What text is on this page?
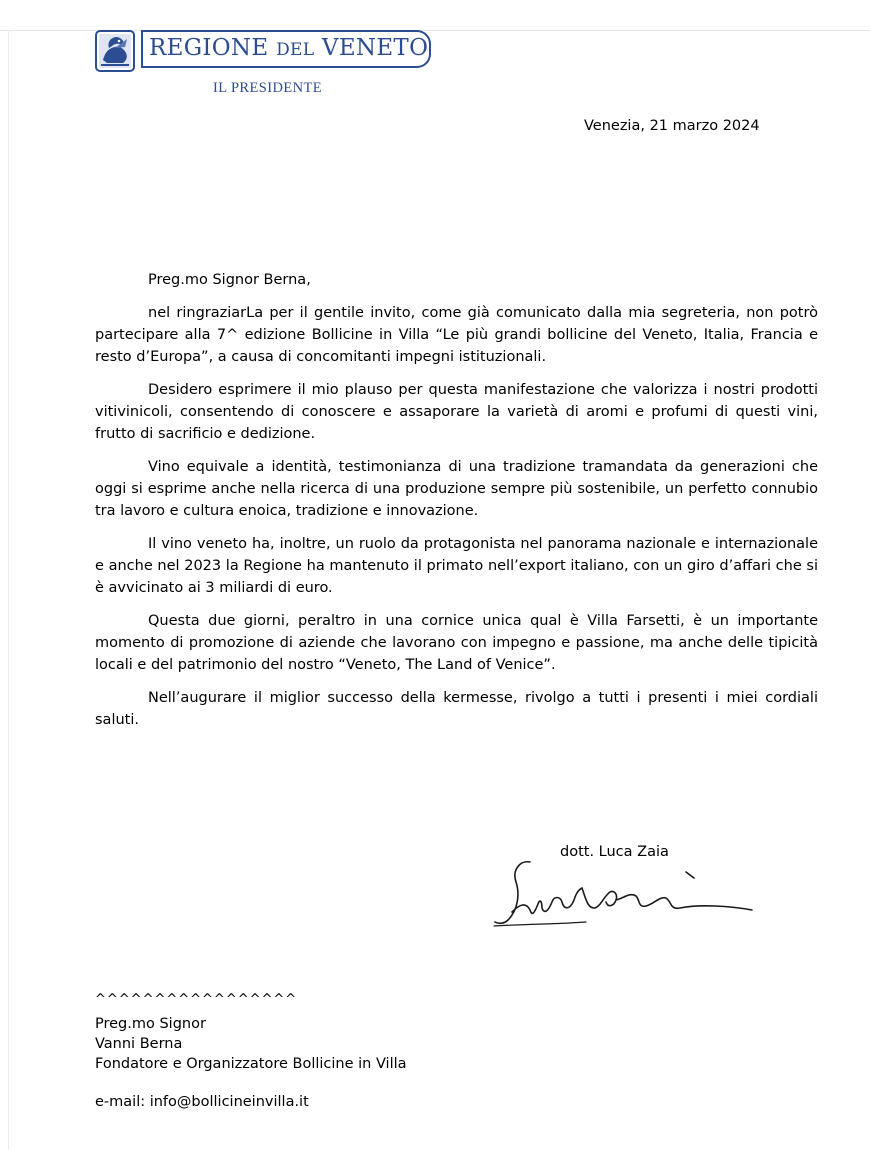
REGIONE DEL VENETO
IL PRESIDENTE
Venezia, 21 marzo 2024

Preg.mo Signor Berna,

nel ringraziarLa per il gentile invito, come già comunicato dalla mia segreteria, non potrò partecipare alla 7^ edizione Bollicine in Villa “Le più grandi bollicine del Veneto, Italia, Francia e resto d’Europa”, a causa di concomitanti impegni istituzionali.

Desidero esprimere il mio plauso per questa manifestazione che valorizza i nostri prodotti vitivinicoli, consentendo di conoscere e assaporare la varietà di aromi e profumi di questi vini, frutto di sacrificio e dedizione.

Vino equivale a identità, testimonianza di una tradizione tramandata da generazioni che oggi si esprime anche nella ricerca di una produzione sempre più sostenibile, un perfetto connubio tra lavoro e cultura enoica, tradizione e innovazione.

Il vino veneto ha, inoltre, un ruolo da protagonista nel panorama nazionale e internazionale e anche nel 2023 la Regione ha mantenuto il primato nell’export italiano, con un giro d’affari che si è avvicinato ai 3 miliardi di euro.

Questa due giorni, peraltro in una cornice unica qual è Villa Farsetti, è un importante momento di promozione di aziende che lavorano con impegno e passione, ma anche delle tipicità locali e del patrimonio del nostro “Veneto, The Land of Venice”.

Nell’augurare il miglior successo della kermesse, rivolgo a tutti i presenti i miei cordiali saluti.

dott. Luca Zaia
^^^^^^^^^^^^^^^^^
Preg.mo Signor
Vanni Berna
Fondatore e Organizzatore Bollicine in Villa
e-mail: info@bollicineinvilla.it
